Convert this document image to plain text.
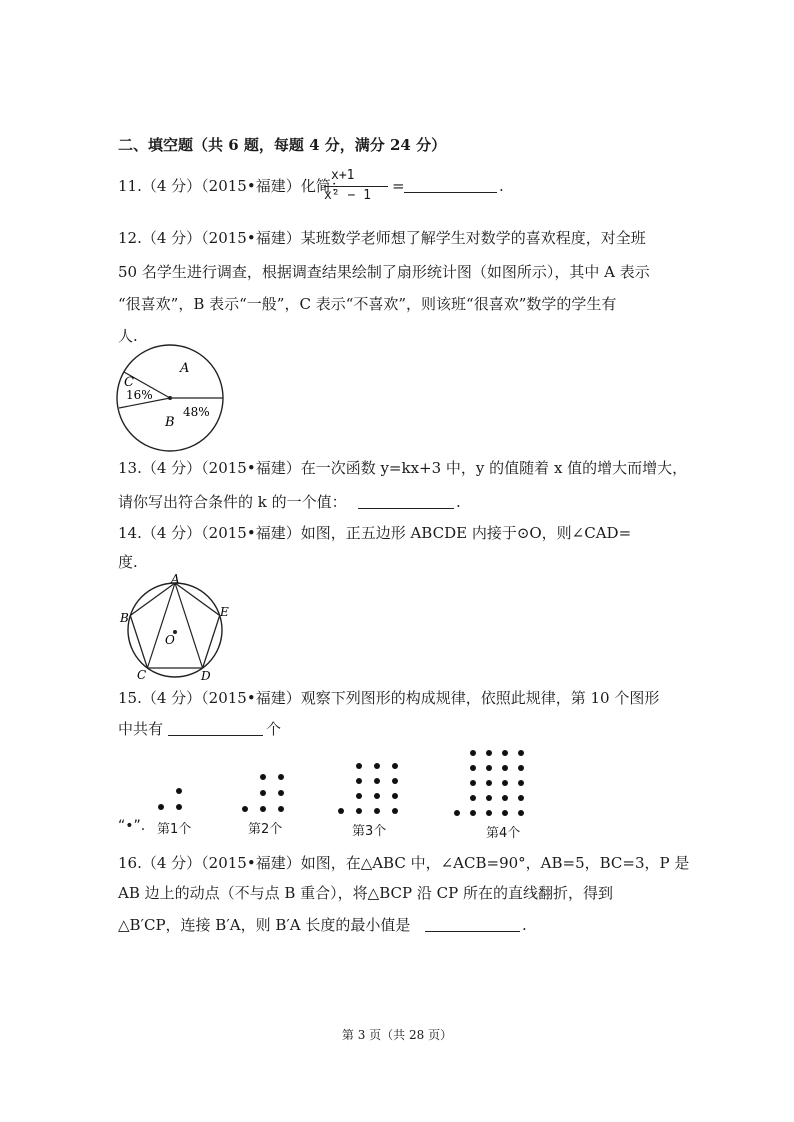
二、填空题（共 6 题，每题 4 分，满分 24 分）
11.（4 分）（2015•福建）化简：
x+1
x² − 1
=	.
12.（4 分）（2015•福建）某班数学老师想了解学生对数学的喜欢程度，对全班
50 名学生进行调查，根据调查结果绘制了扇形统计图（如图所示），其中 A 表示
“很喜欢”，B 表示“一般”，C 表示“不喜欢”，则该班“很喜欢”数学的学生有
人.
A
C
16%
B
48%
13.（4 分）（2015•福建）在一次函数 y=kx+3 中，y 的值随着 x 值的增大而增大，
请你写出符合条件的 k 的一个值：	.
14.（4 分）（2015•福建）如图，正五边形 ABCDE 内接于⊙O，则∠CAD=
度.
A
E
B
C	D
O
15.（4 分）（2015•福建）观察下列图形的构成规律，依照此规律，第 10 个图形
中共有	个
“•”. 第1个	第2个	第3个	第4个
16.（4 分）（2015•福建）如图，在△ABC 中，∠ACB=90°，AB=5，BC=3，P 是
AB 边上的动点（不与点 B 重合），将△BCP 沿 CP 所在的直线翻折，得到
△B′CP，连接 B′A，则 B′A 长度的最小值是	.
第 3 页（共 28 页）
